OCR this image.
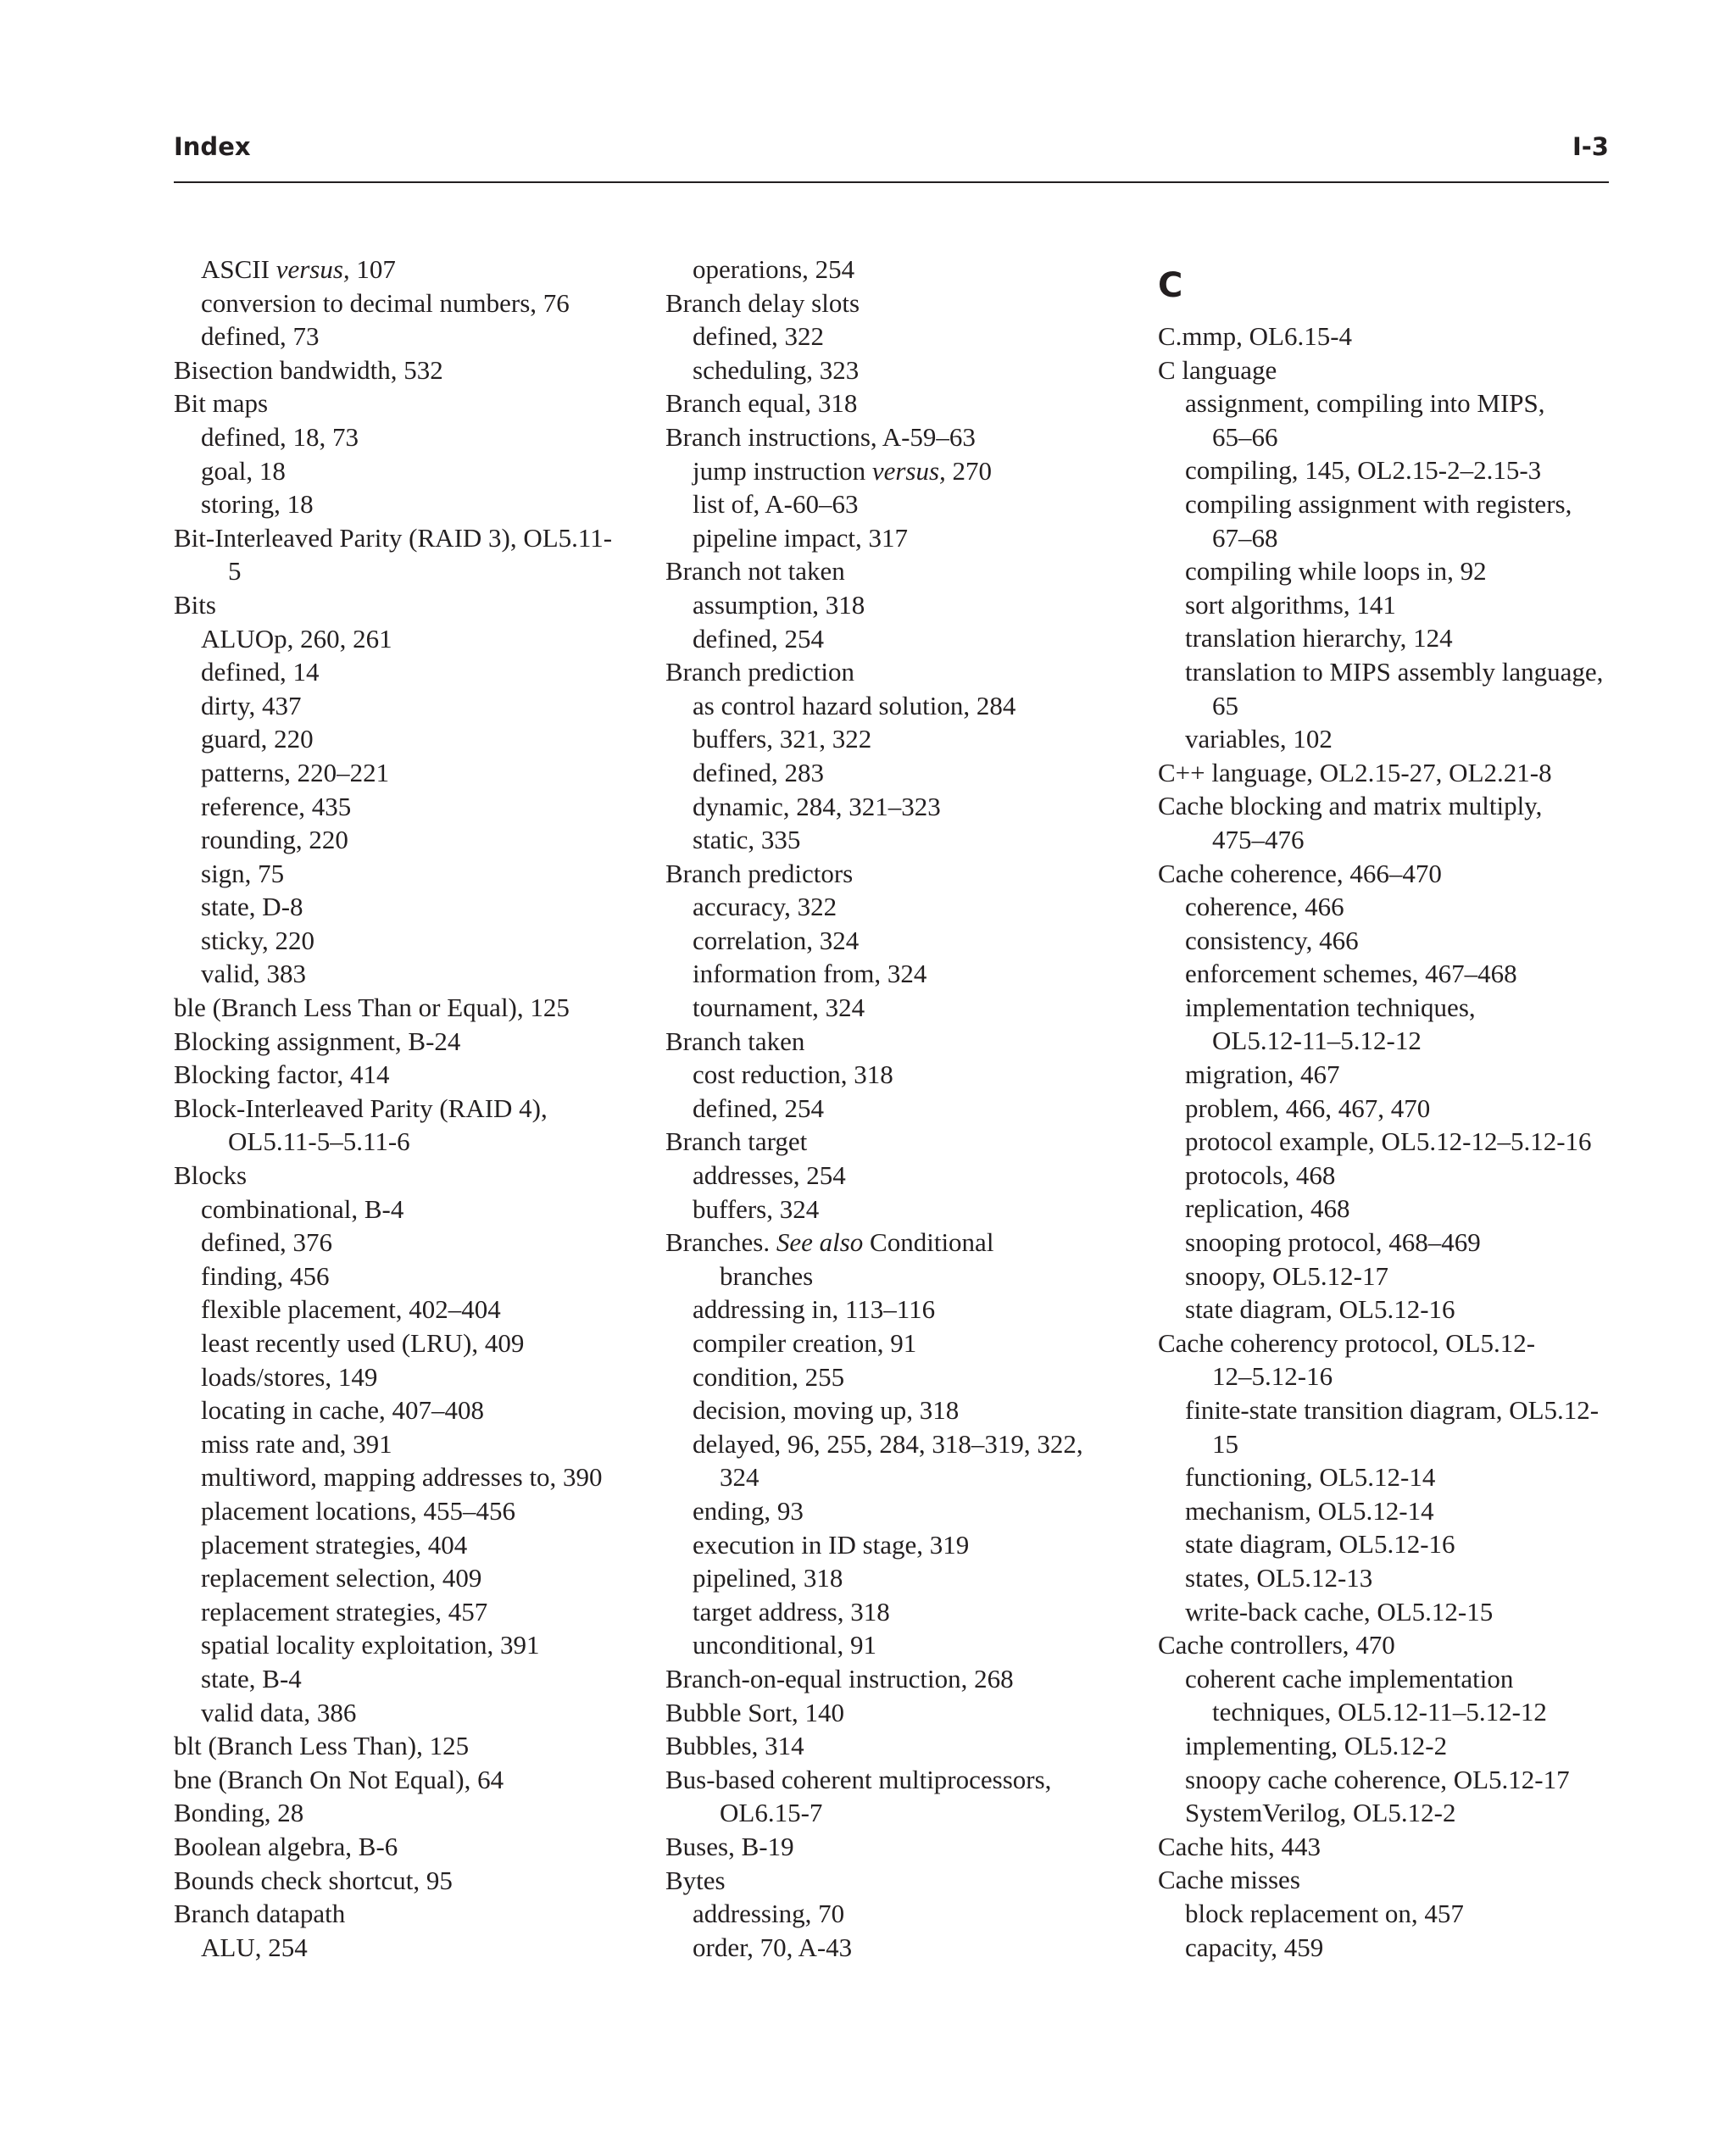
Index	I-3
ASCII versus, 107
conversion to decimal numbers, 76
defined, 73
Bisection bandwidth, 532
Bit maps
defined, 18, 73
goal, 18
storing, 18
Bit-Interleaved Parity (RAID 3), OL5.11-
5
Bits
ALUOp, 260, 261
defined, 14
dirty, 437
guard, 220
patterns, 220–221
reference, 435
rounding, 220
sign, 75
state, D-8
sticky, 220
valid, 383
ble (Branch Less Than or Equal), 125
Blocking assignment, B-24
Blocking factor, 414
Block-Interleaved Parity (RAID 4),
OL5.11-5–5.11-6
Blocks
combinational, B-4
defined, 376
finding, 456
flexible placement, 402–404
least recently used (LRU), 409
loads/stores, 149
locating in cache, 407–408
miss rate and, 391
multiword, mapping addresses to, 390
placement locations, 455–456
placement strategies, 404
replacement selection, 409
replacement strategies, 457
spatial locality exploitation, 391
state, B-4
valid data, 386
blt (Branch Less Than), 125
bne (Branch On Not Equal), 64
Bonding, 28
Boolean algebra, B-6
Bounds check shortcut, 95
Branch datapath
ALU, 254
operations, 254
Branch delay slots
defined, 322
scheduling, 323
Branch equal, 318
Branch instructions, A-59–63
jump instruction versus, 270
list of, A-60–63
pipeline impact, 317
Branch not taken
assumption, 318
defined, 254
Branch prediction
as control hazard solution, 284
buffers, 321, 322
defined, 283
dynamic, 284, 321–323
static, 335
Branch predictors
accuracy, 322
correlation, 324
information from, 324
tournament, 324
Branch taken
cost reduction, 318
defined, 254
Branch target
addresses, 254
buffers, 324
Branches. See also Conditional
branches
addressing in, 113–116
compiler creation, 91
condition, 255
decision, moving up, 318
delayed, 96, 255, 284, 318–319, 322,
324
ending, 93
execution in ID stage, 319
pipelined, 318
target address, 318
unconditional, 91
Branch-on-equal instruction, 268
Bubble Sort, 140
Bubbles, 314
Bus-based coherent multiprocessors,
OL6.15-7
Buses, B-19
Bytes
addressing, 70
order, 70, A-43
C
C.mmp, OL6.15-4
C language
assignment, compiling into MIPS,
65–66
compiling, 145, OL2.15-2–2.15-3
compiling assignment with registers,
67–68
compiling while loops in, 92
sort algorithms, 141
translation hierarchy, 124
translation to MIPS assembly language,
65
variables, 102
C++ language, OL2.15-27, OL2.21-8
Cache blocking and matrix multiply,
475–476
Cache coherence, 466–470
coherence, 466
consistency, 466
enforcement schemes, 467–468
implementation techniques,
OL5.12-11–5.12-12
migration, 467
problem, 466, 467, 470
protocol example, OL5.12-12–5.12-16
protocols, 468
replication, 468
snooping protocol, 468–469
snoopy, OL5.12-17
state diagram, OL5.12-16
Cache coherency protocol, OL5.12-
12–5.12-16
finite-state transition diagram, OL5.12-
15
functioning, OL5.12-14
mechanism, OL5.12-14
state diagram, OL5.12-16
states, OL5.12-13
write-back cache, OL5.12-15
Cache controllers, 470
coherent cache implementation
techniques, OL5.12-11–5.12-12
implementing, OL5.12-2
snoopy cache coherence, OL5.12-17
SystemVerilog, OL5.12-2
Cache hits, 443
Cache misses
block replacement on, 457
capacity, 459
